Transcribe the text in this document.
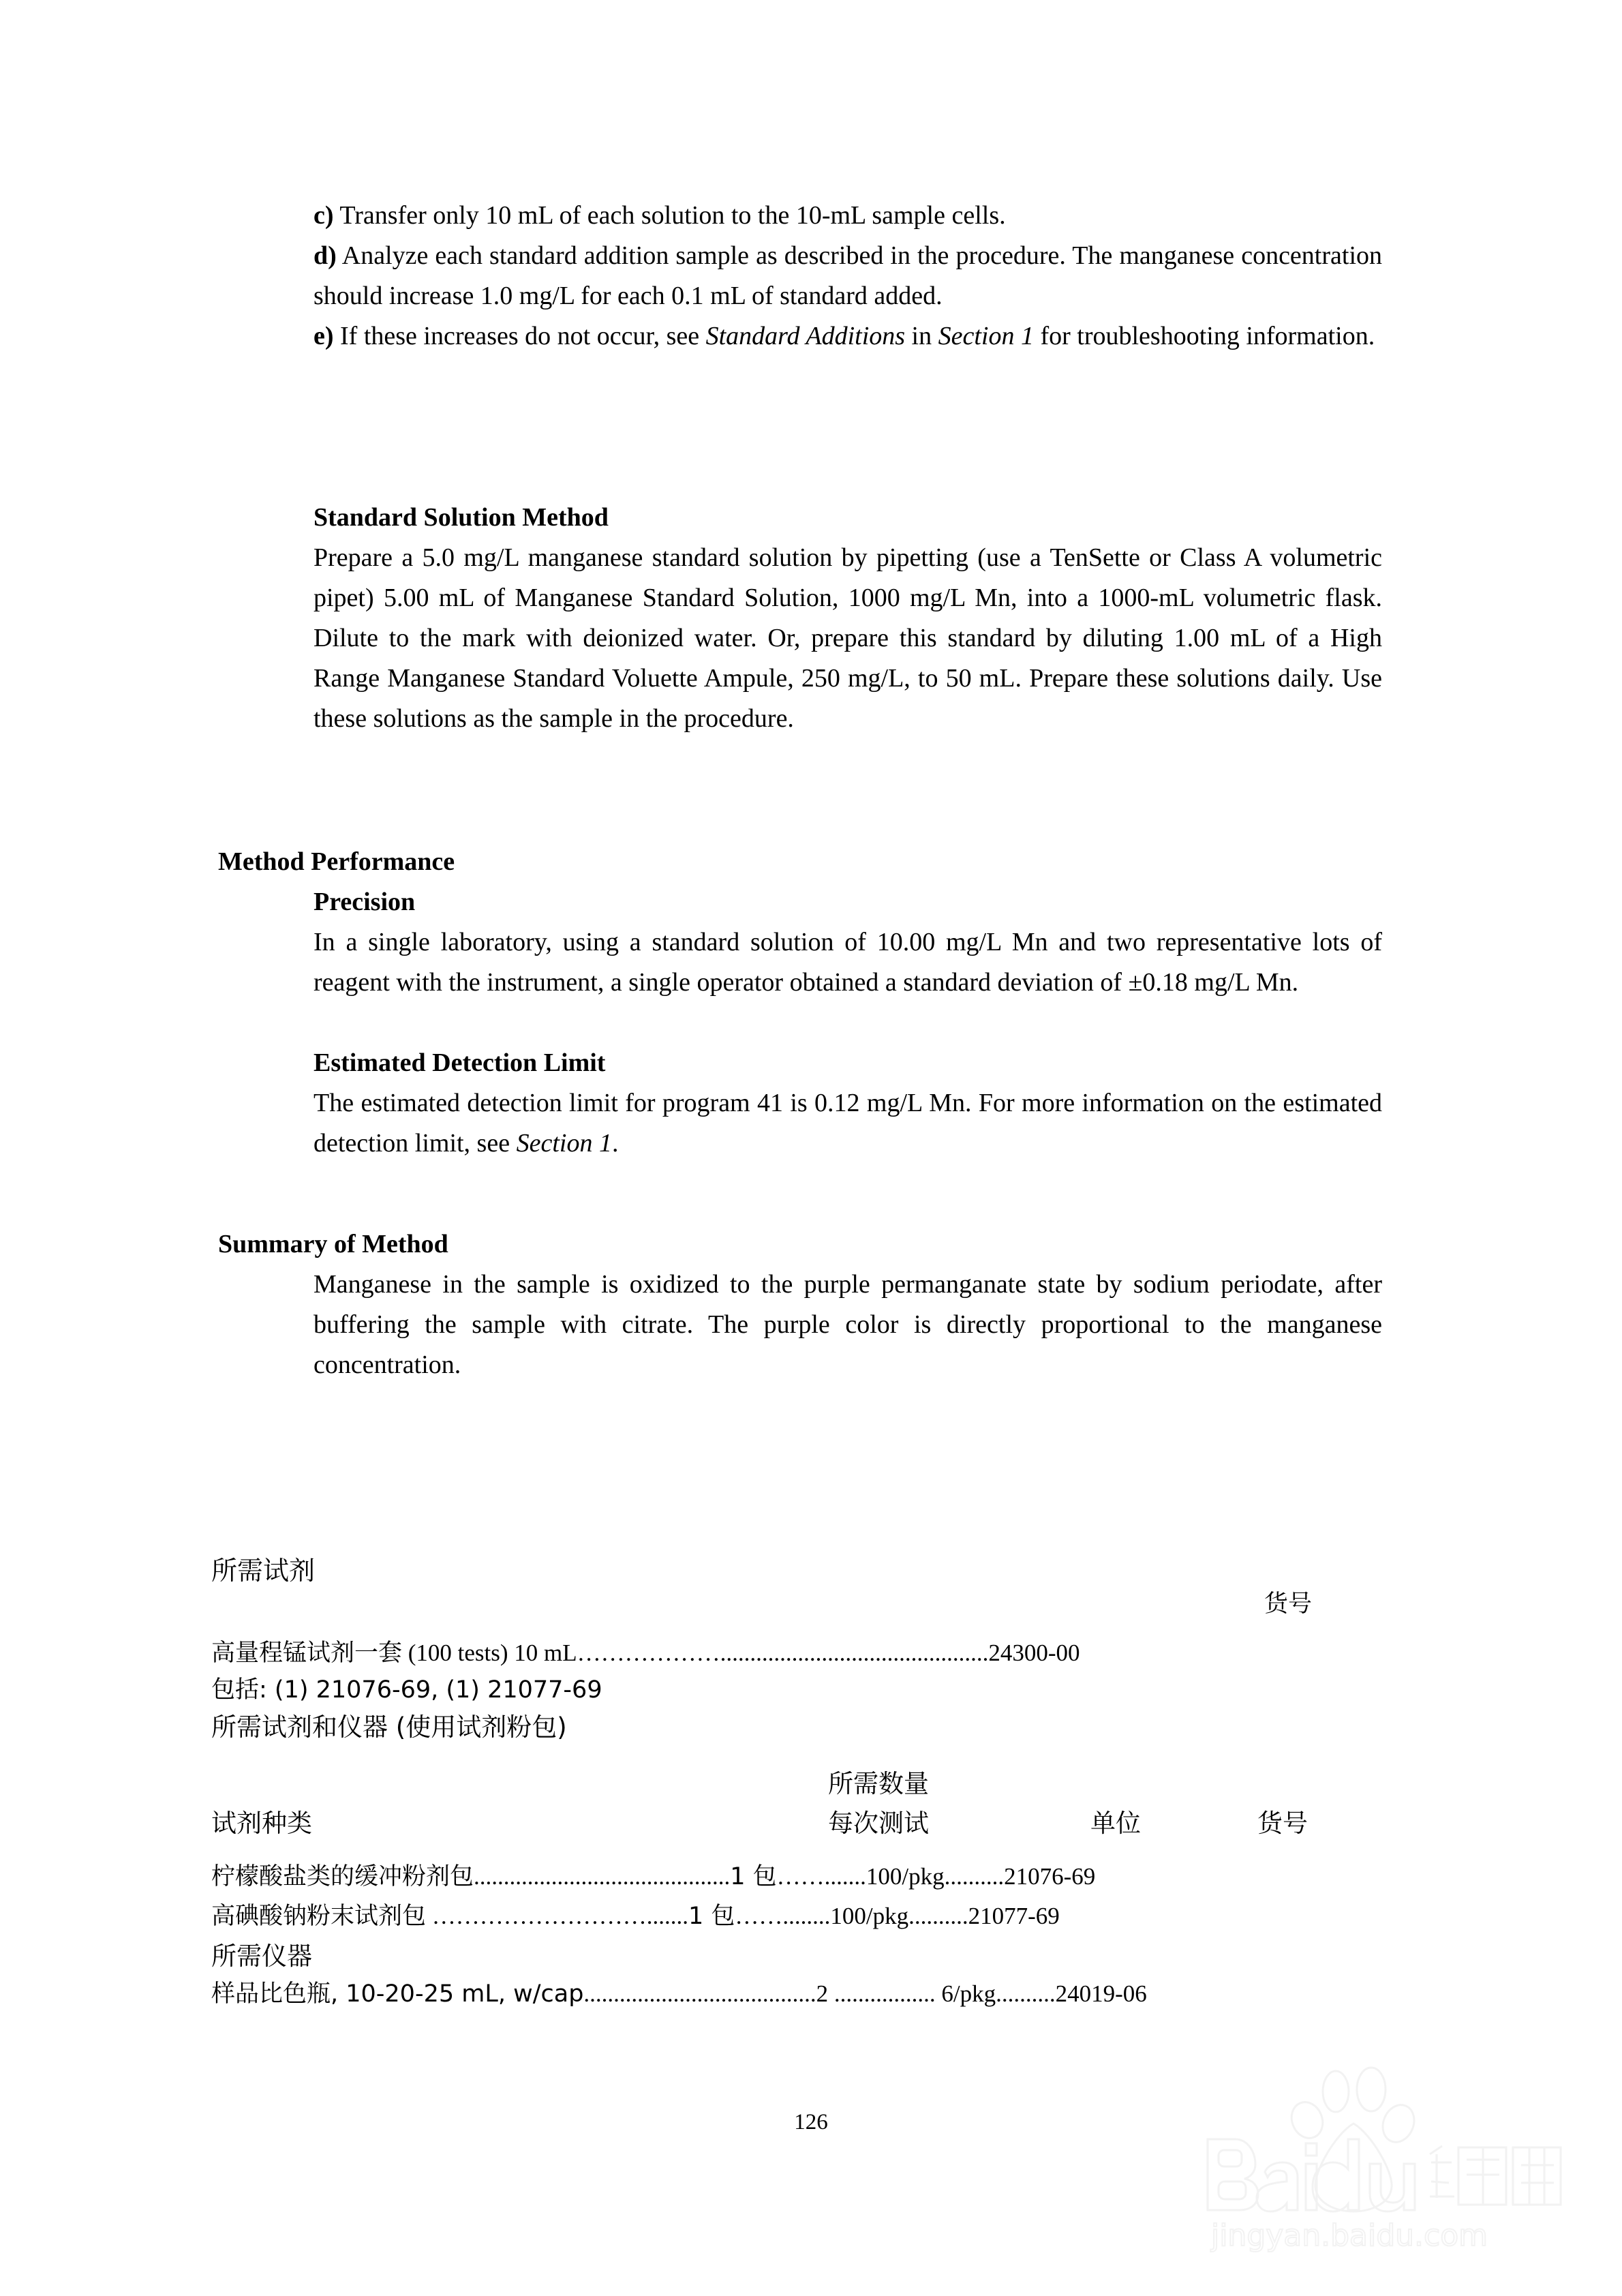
c) Transfer only 10 mL of each solution to the 10-mL sample cells.
d) Analyze each standard addition sample as described in the procedure. The manganese concentration should increase 1.0 mg/L for each 0.1 mL of standard added.
e) If these increases do not occur, see Standard Additions in Section 1 for troubleshooting information.
Standard Solution Method
Prepare a 5.0 mg/L manganese standard solution by pipetting (use a TenSette or Class A volumetric pipet) 5.00 mL of Manganese Standard Solution, 1000 mg/L Mn, into a 1000-mL volumetric flask. Dilute to the mark with deionized water. Or, prepare this standard by diluting 1.00 mL of a High Range Manganese Standard Voluette Ampule, 250 mg/L, to 50 mL. Prepare these solutions daily. Use these solutions as the sample in the procedure.
Method Performance
Precision
In a single laboratory, using a standard solution of 10.00 mg/L Mn and two representative lots of reagent with the instrument, a single operator obtained a standard deviation of ±0.18 mg/L Mn.
Estimated Detection Limit
The estimated detection limit for program 41 is 0.12 mg/L Mn. For more information on the estimated detection limit, see Section 1.
Summary of Method
Manganese in the sample is oxidized to the purple permanganate state by sodium periodate, after buffering the sample with citrate. The purple color is directly proportional to the manganese concentration.
所需试剂
货号
高量程锰试剂一套 (100 tests) 10 mL……………….............................................24300-00
包括: (1) 21076-69, (1) 21077-69
所需试剂和仪器 (使用试剂粉包)
所需数量
试剂种类	每次测试	单位	货号
柠檬酸盐类的缓冲粉剂包...........................................1 包…….......100/pkg..........21076-69
高碘酸钠粉末试剂包 ……………………….......1 包……........100/pkg..........21077-69
所需仪器
样品比色瓶, 10-20-25 mL, w/cap.......................................2 ................. 6/pkg..........24019-06
jingyan.baidu.com
126
